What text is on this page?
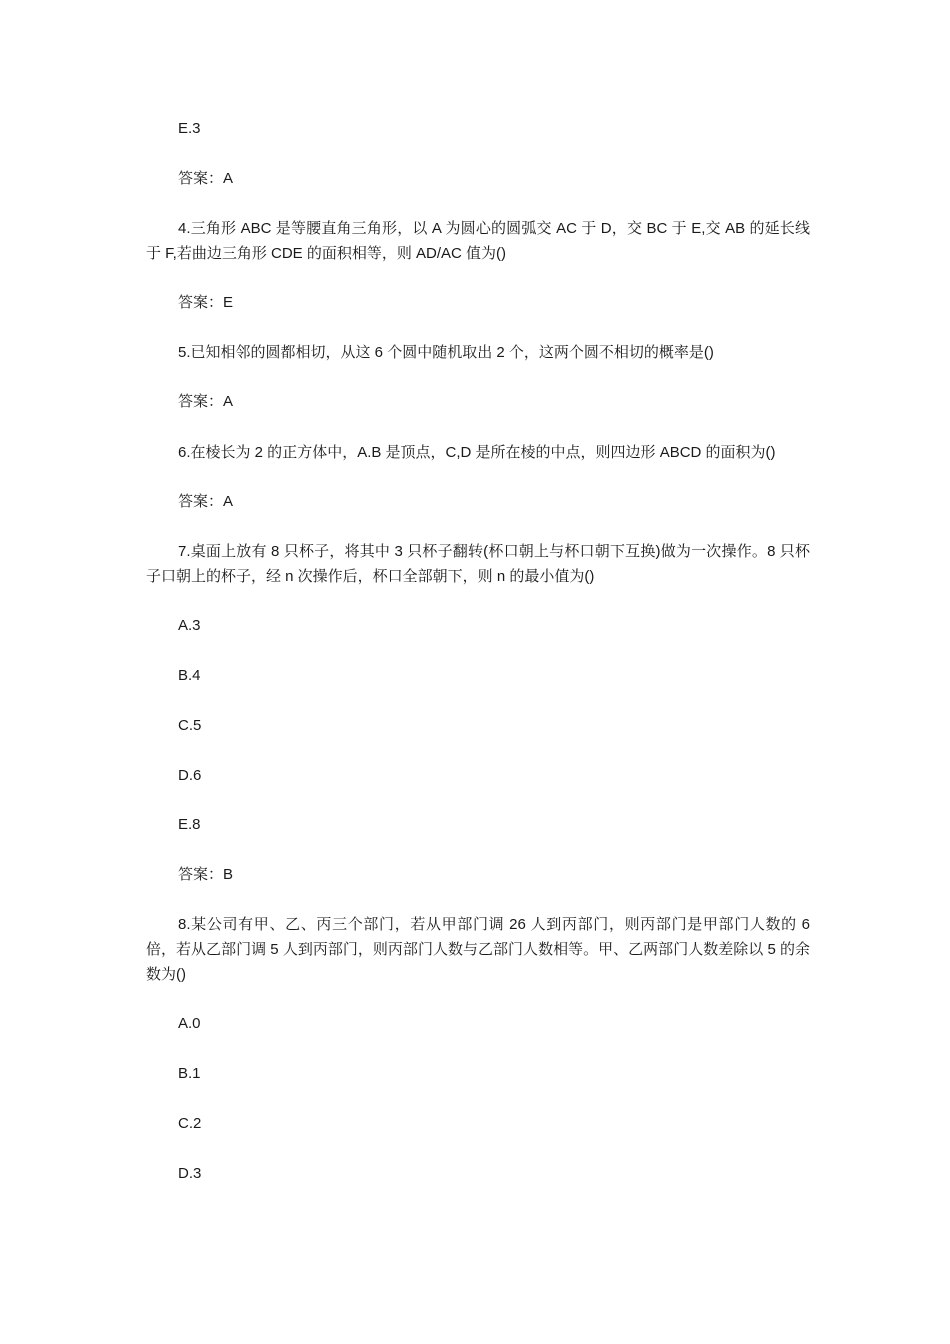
E.3
答案：A
4.三角形 ABC 是等腰直角三角形，以 A 为圆心的圆弧交 AC 于 D，交 BC 于 E,交 AB 的延长线于 F,若曲边三角形 CDE 的面积相等，则 AD/AC 值为()
答案：E
5.已知相邻的圆都相切，从这 6 个圆中随机取出 2 个，这两个圆不相切的概率是()
答案：A
6.在棱长为 2 的正方体中，A.B 是顶点，C,D 是所在棱的中点，则四边形 ABCD 的面积为()
答案：A
7.桌面上放有 8 只杯子，将其中 3 只杯子翻转(杯口朝上与杯口朝下互换)做为一次操作。8 只杯子口朝上的杯子，经 n 次操作后，杯口全部朝下，则 n 的最小值为()
A.3
B.4
C.5
D.6
E.8
答案：B
8.某公司有甲、乙、丙三个部门，若从甲部门调 26 人到丙部门，则丙部门是甲部门人数的 6 倍，若从乙部门调 5 人到丙部门，则丙部门人数与乙部门人数相等。甲、乙两部门人数差除以 5 的余数为()
A.0
B.1
C.2
D.3
